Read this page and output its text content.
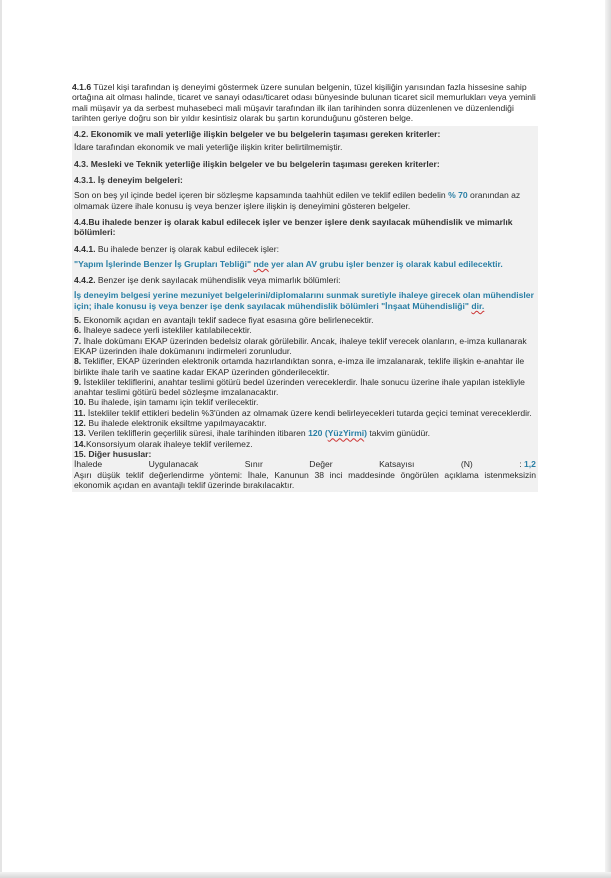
4.1.6 Tüzel kişi tarafından iş deneyimi göstermek üzere sunulan belgenin, tüzel kişiliğin yarısından fazla hissesine sahip ortağına ait olması halinde, ticaret ve sanayi odası/ticaret odası bünyesinde bulunan ticaret sicil memurlukları veya yeminli mali müşavir ya da serbest muhasebeci mali müşavir tarafından ilk ilan tarihinden sonra düzenlenen ve düzenlendiği tarihten geriye doğru son bir yıldır kesintisiz olarak bu şartın korunduğunu gösteren belge.

4.2. Ekonomik ve mali yeterliğe ilişkin belgeler ve bu belgelerin taşıması gereken kriterler:
İdare tarafından ekonomik ve mali yeterliğe ilişkin kriter belirtilmemiştir.
4.3. Mesleki ve Teknik yeterliğe ilişkin belgeler ve bu belgelerin taşıması gereken kriterler:
4.3.1. İş deneyim belgeleri:
Son on beş yıl içinde bedel içeren bir sözleşme kapsamında taahhüt edilen ve teklif edilen bedelin % 70 oranından az olmamak üzere ihale konusu iş veya benzer işlere ilişkin iş deneyimini gösteren belgeler.
4.4.Bu ihalede benzer iş olarak kabul edilecek işler ve benzer işlere denk sayılacak mühendislik ve mimarlık bölümleri:
4.4.1. Bu ihalede benzer iş olarak kabul edilecek işler:
"Yapım İşlerinde Benzer İş Grupları Tebliği" nde yer alan AV grubu işler benzer iş olarak kabul edilecektir.
4.4.2. Benzer işe denk sayılacak mühendislik veya mimarlık bölümleri:
İş deneyim belgesi yerine mezuniyet belgelerini/diplomalarını sunmak suretiyle ihaleye girecek olan mühendisler için; ihale konusu iş veya benzer işe denk sayılacak mühendislik bölümleri "İnşaat Mühendisliği" dir.

5. Ekonomik açıdan en avantajlı teklif sadece fiyat esasına göre belirlenecektir.

6. İhaleye sadece yerli istekliler katılabilecektir.

7. İhale dokümanı EKAP üzerinden bedelsiz olarak görülebilir. Ancak, ihaleye teklif verecek olanların, e-imza kullanarak EKAP üzerinden ihale dokümanını indirmeleri zorunludur.

8. Teklifler, EKAP üzerinden elektronik ortamda hazırlandıktan sonra, e-imza ile imzalanarak, teklife ilişkin e-anahtar ile birlikte ihale tarih ve saatine kadar EKAP üzerinden gönderilecektir.

9. İstekliler tekliflerini, anahtar teslimi götürü bedel üzerinden vereceklerdir. İhale sonucu üzerine ihale yapılan istekliyle anahtar teslimi götürü bedel sözleşme imzalanacaktır.

10. Bu ihalede, işin tamamı için teklif verilecektir.

11. İstekliler teklif ettikleri bedelin %3'ünden az olmamak üzere kendi belirleyecekleri tutarda geçici teminat vereceklerdir.

12. Bu ihalede elektronik eksiltme yapılmayacaktır.

13. Verilen tekliflerin geçerlilik süresi, ihale tarihinden itibaren 120 (YüzYirmi) takvim günüdür.

14.Konsorsiyum olarak ihaleye teklif verilemez.

15. Diğer hususlar:

İhalede	Uygulanacak	Sınır	Değer	Katsayısı	(N)	: 1,2

Aşırı düşük teklif değerlendirme yöntemi: İhale, Kanunun 38 inci maddesinde öngörülen açıklama istenmeksizin ekonomik açıdan en avantajlı teklif üzerinde bırakılacaktır.
